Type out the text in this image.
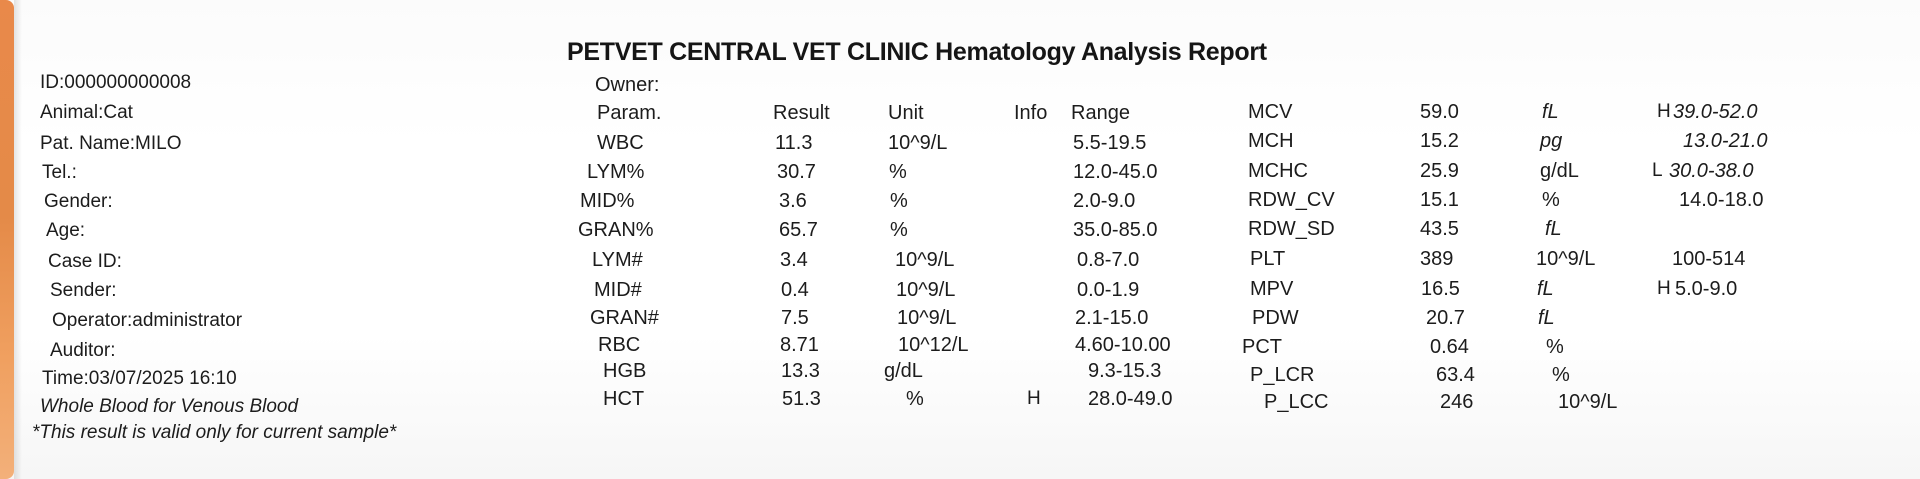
PETVET CENTRAL VET CLINIC Hematology Analysis Report
ID:000000000008
Animal:Cat
Pat. Name:MILO
Tel.:
Gender:
Age:
Case ID:
Sender:
Operator:administrator
Auditor:
Time:03/07/2025 16:10
Whole Blood for Venous Blood
*This result is valid only for current sample*
Owner:
Param.	Result	Unit	Info Range
WBC	11.3	10^9/L	5.5-19.5
LYM%	30.7	%	12.0-45.0
MID%	3.6	%	2.0-9.0
GRAN%	65.7	%	35.0-85.0
LYM#	3.4	10^9/L	0.8-7.0
MID#	0.4	10^9/L	0.0-1.9
GRAN#	7.5	10^9/L	2.1-15.0
RBC	8.71	10^12/L	4.60-10.00
HGB	13.3	g/dL	9.3-15.3
HCT	51.3	%	H 28.0-49.0
MCV	59.0	fL	H 39.0-52.0
MCH	15.2	pg	13.0-21.0
MCHC	25.9	g/dL	L 30.0-38.0
RDW_CV	15.1	%	14.0-18.0
RDW_SD	43.5	fL
PLT	389	10^9/L	100-514
MPV	16.5	fL	H 5.0-9.0
PDW	20.7	fL
PCT	0.64	%
P_LCR	63.4	%
P_LCC	246	10^9/L
